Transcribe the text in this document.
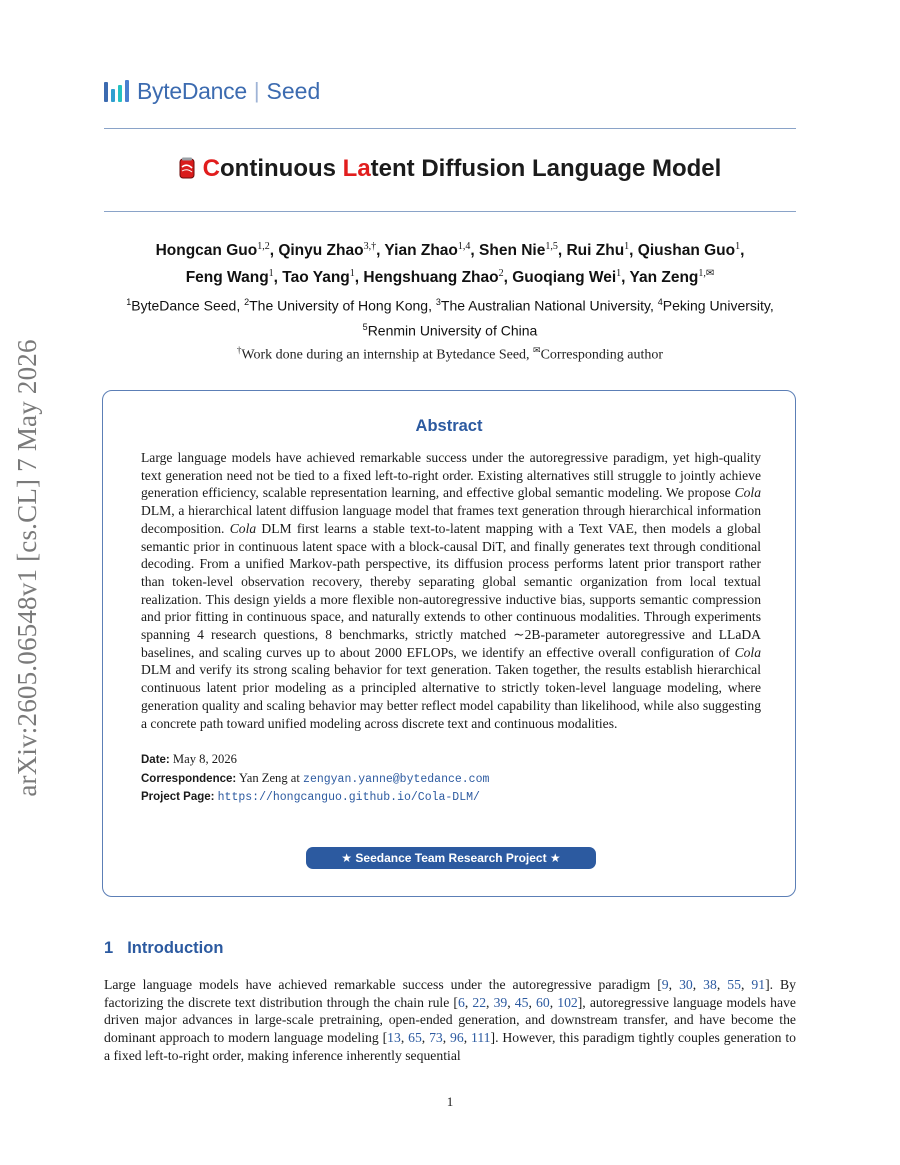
arXiv:2605.06548v1 [cs.CL] 7 May 2026
ByteDance | Seed
Continuous Latent Diffusion Language Model
Hongcan Guo$^{1,2}$, Qinyu Zhao$^{3,\dagger}$, Yian Zhao$^{1,4}$, Shen Nie$^{1,5}$, Rui Zhu$^1$, Qiushan Guo$^1$,
Feng Wang$^1$, Tao Yang$^1$, Hengshuang Zhao$^2$, Guoqiang Wei$^1$, Yan Zeng$^{1,✉}$
$^1$ByteDance Seed, $^2$The University of Hong Kong, $^3$The Australian National University, $^4$Peking University, $^5$Renmin University of China
†Work done during an internship at Bytedance Seed, ✉Corresponding author
Abstract
Large language models have achieved remarkable success under the autoregressive paradigm, yet high-quality text generation need not be tied to a fixed left-to-right order. Existing alternatives still struggle to jointly achieve generation efficiency, scalable representation learning, and effective global semantic modeling. We propose Cola DLM, a hierarchical latent diffusion language model that frames text generation through hierarchical information decomposition. Cola DLM first learns a stable text-to-latent mapping with a Text VAE, then models a global semantic prior in continuous latent space with a block-causal DiT, and finally generates text through conditional decoding. From a unified Markov-path perspective, its diffusion process performs latent prior transport rather than token-level observation recovery, thereby separating global semantic organization from local textual realization. This design yields a more flexible non-autoregressive inductive bias, supports semantic compression and prior fitting in continuous space, and naturally extends to other continuous modalities. Through experiments spanning 4 research questions, 8 benchmarks, strictly matched ∼2B-parameter autoregressive and LLaDA baselines, and scaling curves up to about 2000 EFLOPs, we identify an effective overall configuration of Cola DLM and verify its strong scaling behavior for text generation. Taken together, the results establish hierarchical continuous latent prior modeling as a principled alternative to strictly token-level language modeling, where generation quality and scaling behavior may better reflect model capability than likelihood, while also suggesting a concrete path toward unified modeling across discrete text and continuous modalities.
Date: May 8, 2026
Correspondence: Yan Zeng at zengyan.yanne@bytedance.com
Project Page: https://hongcanguo.github.io/Cola-DLM/
★ Seedance Team Research Project ★
1 Introduction
Large language models have achieved remarkable success under the autoregressive paradigm [9, 30, 38, 55, 91]. By factorizing the discrete text distribution through the chain rule [6, 22, 39, 45, 60, 102], autoregressive language models have driven major advances in large-scale pretraining, open-ended generation, and downstream transfer, and have become the dominant approach to modern language modeling [13, 65, 73, 96, 111]. However, this paradigm tightly couples generation to a fixed left-to-right order, making inference inherently sequential
1
